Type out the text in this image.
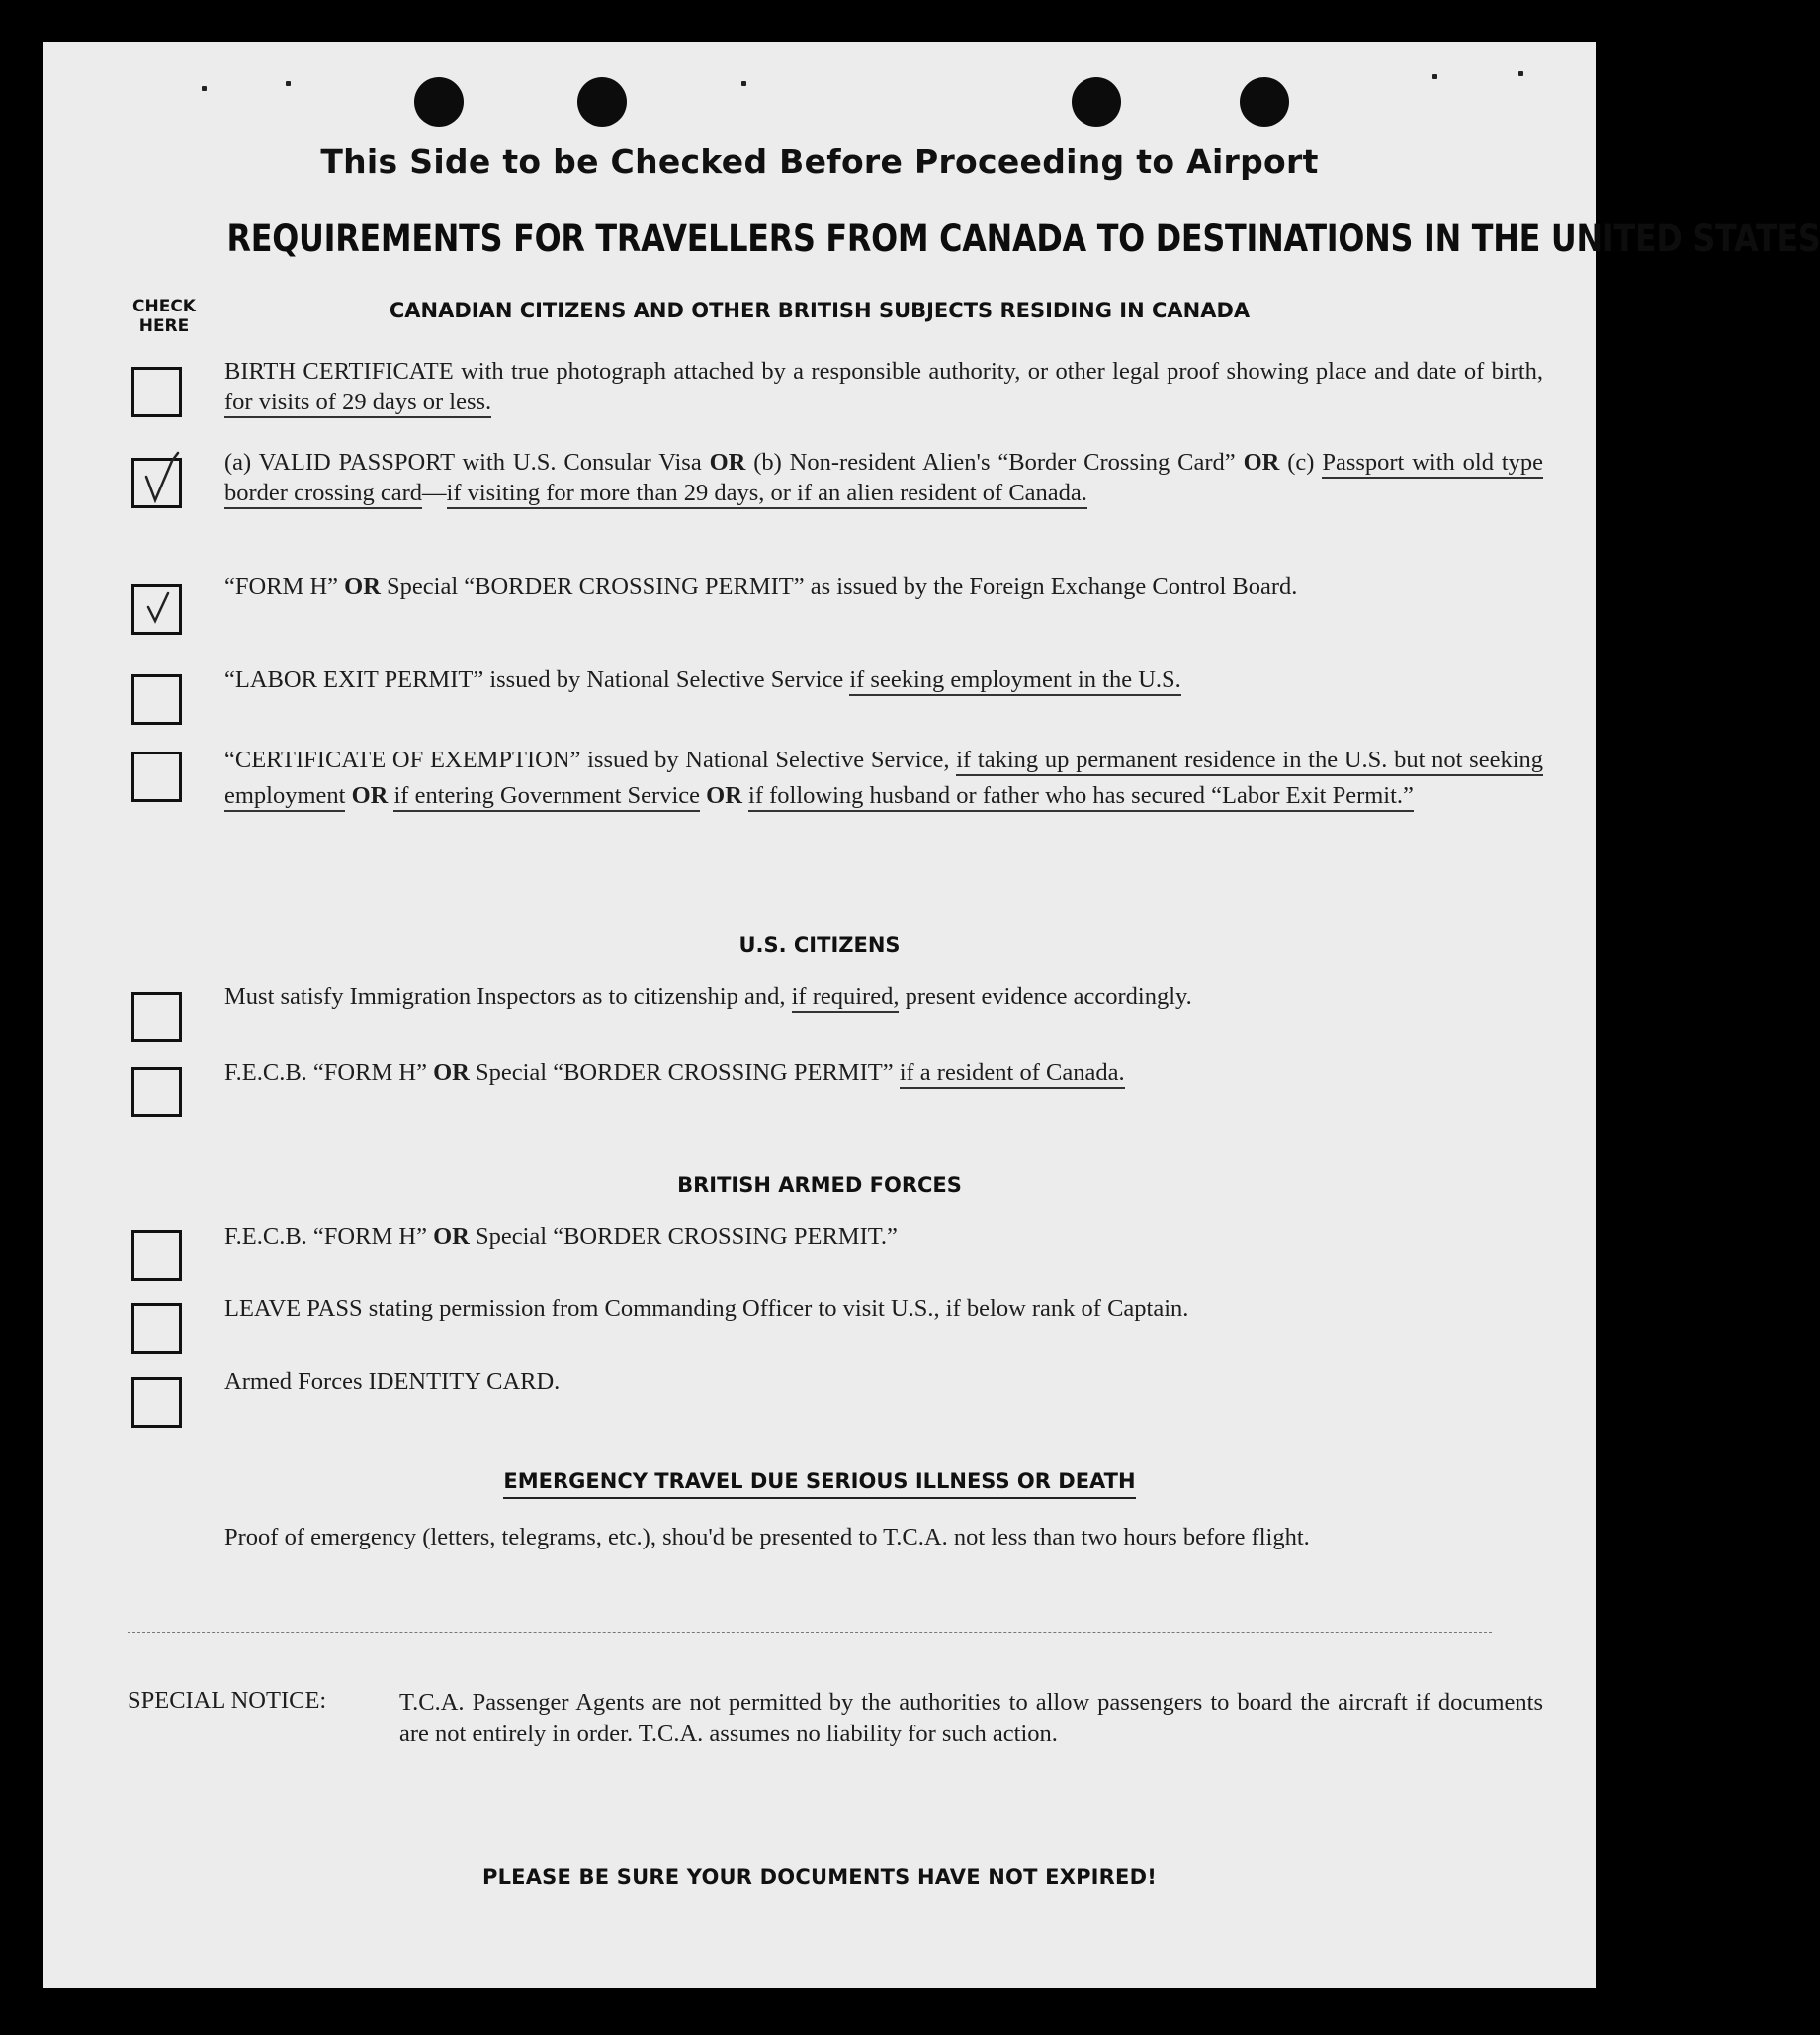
This Side to be Checked Before Proceeding to Airport
REQUIREMENTS FOR TRAVELLERS FROM CANADA TO DESTINATIONS IN THE UNITED STATES
CHECK
HERE
CANADIAN CITIZENS AND OTHER BRITISH SUBJECTS RESIDING IN CANADA
BIRTH CERTIFICATE with true photograph attached by a responsible authority, or other legal proof showing place and date of birth, for visits of 29 days or less.
(a) VALID PASSPORT with U.S. Consular Visa OR (b) Non-resident Alien's “Border Crossing Card” OR (c) Passport with old type border crossing card—if visiting for more than 29 days, or if an alien resident of Canada.
“FORM H” OR Special “BORDER CROSSING PERMIT” as issued by the Foreign Exchange Control Board.
“LABOR EXIT PERMIT” issued by National Selective Service if seeking employment in the U.S.
“CERTIFICATE OF EXEMPTION” issued by National Selective Service, if taking up permanent residence in the U.S. but not seeking employment OR if entering Government Service OR if following husband or father who has secured “Labor Exit Permit.”
U.S. CITIZENS
Must satisfy Immigration Inspectors as to citizenship and, if required, present evidence accordingly.
F.E.C.B. “FORM H” OR Special “BORDER CROSSING PERMIT” if a resident of Canada.
BRITISH ARMED FORCES
F.E.C.B. “FORM H” OR Special “BORDER CROSSING PERMIT.”
LEAVE PASS stating permission from Commanding Officer to visit U.S., if below rank of Captain.
Armed Forces IDENTITY CARD.
EMERGENCY TRAVEL DUE SERIOUS ILLNESS OR DEATH
Proof of emergency (letters, telegrams, etc.), shou'd be presented to T.C.A. not less than two hours before flight.
SPECIAL NOTICE:	T.C.A. Passenger Agents are not permitted by the authorities to allow passengers to board the aircraft if documents are not entirely in order. T.C.A. assumes no liability for such action.
PLEASE BE SURE YOUR DOCUMENTS HAVE NOT EXPIRED!
